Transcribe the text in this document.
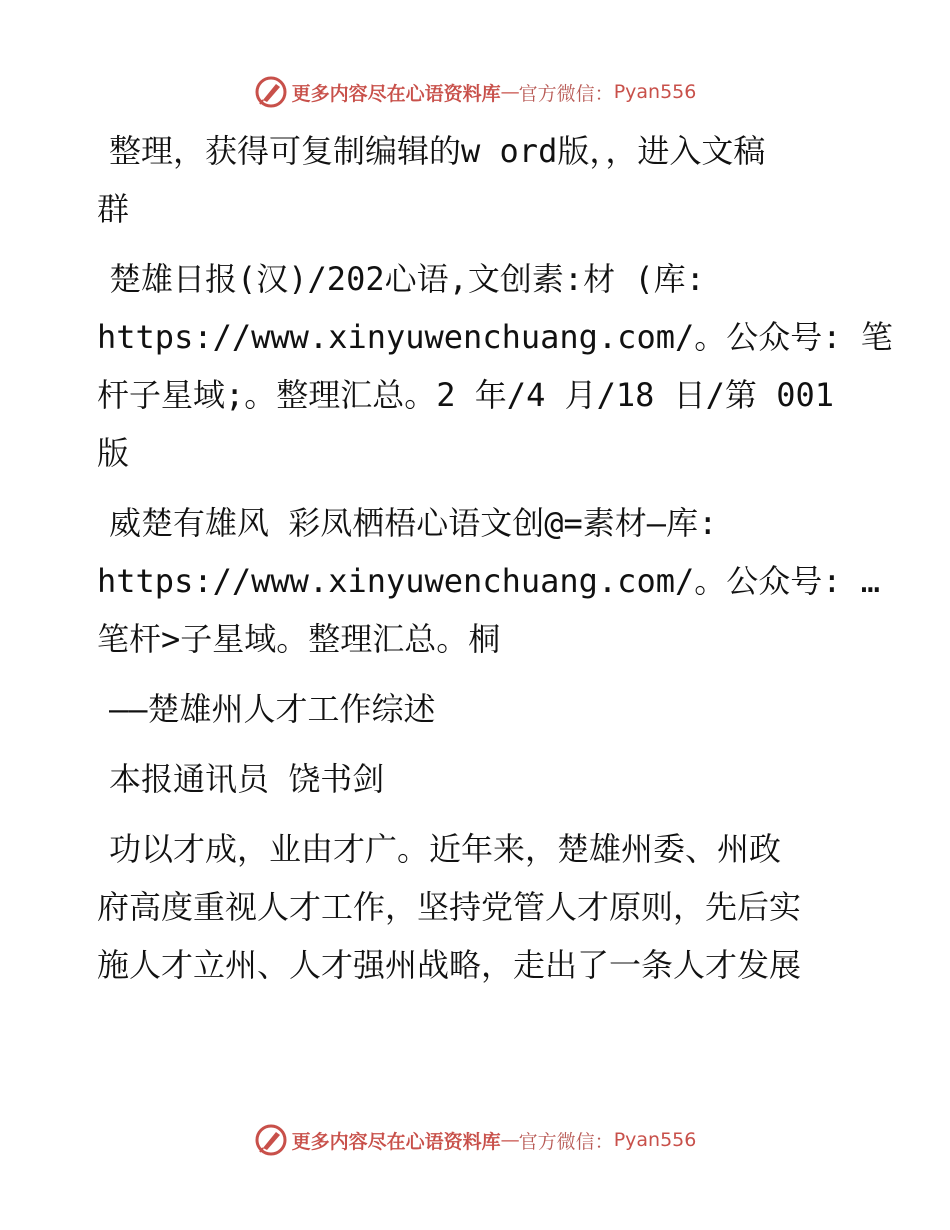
更多内容尽在心语资料库 — 官方微信： Pyan556

整理，获得可复制编辑的w ord版，，进入文稿
群

楚雄日报(汉)/202心语,文创素:材 (库:
https://www.xinyuwenchuang.com/。公众号: 笔
杆子星域;。整理汇总。2 年/4 月/18 日/第 001
版

威楚有雄风 彩凤栖梧心语文创@=素材—库:
https://www.xinyuwenchuang.com/。公众号: …
笔杆>子星域。整理汇总。桐

——楚雄州人才工作综述

本报通讯员 饶书剑

功以才成，业由才广。近年来，楚雄州委、州政
府高度重视人才工作，坚持党管人才原则，先后实
施人才立州、人才强州战略，走出了一条人才发展

更多内容尽在心语资料库 — 官方微信： Pyan556
